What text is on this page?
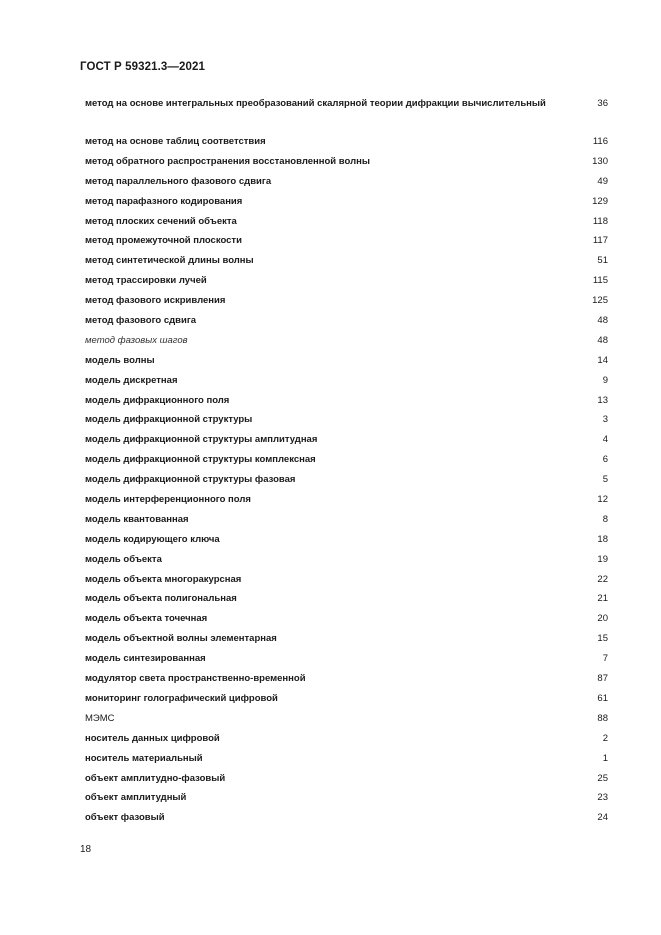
ГОСТ Р 59321.3—2021
метод на основе интегральных преобразований скалярной теории дифракции вычислительный	36
метод на основе таблиц соответствия	116
метод обратного распространения восстановленной волны	130
метод параллельного фазового сдвига	49
метод парафазного кодирования	129
метод плоских сечений объекта	118
метод промежуточной плоскости	117
метод синтетической длины волны	51
метод трассировки лучей	115
метод фазового искривления	125
метод фазового сдвига	48
метод фазовых шагов	48
модель волны	14
модель дискретная	9
модель дифракционного поля	13
модель дифракционной структуры	3
модель дифракционной структуры амплитудная	4
модель дифракционной структуры комплексная	6
модель дифракционной структуры фазовая	5
модель интерференционного поля	12
модель квантованная	8
модель кодирующего ключа	18
модель объекта	19
модель объекта многоракурсная	22
модель объекта полигональная	21
модель объекта точечная	20
модель объектной волны элементарная	15
модель синтезированная	7
модулятор света пространственно-временной	87
мониторинг голографический цифровой	61
МЭМС	88
носитель данных цифровой	2
носитель материальный	1
объект амплитудно-фазовый	25
объект амплитудный	23
объект фазовый	24
18
